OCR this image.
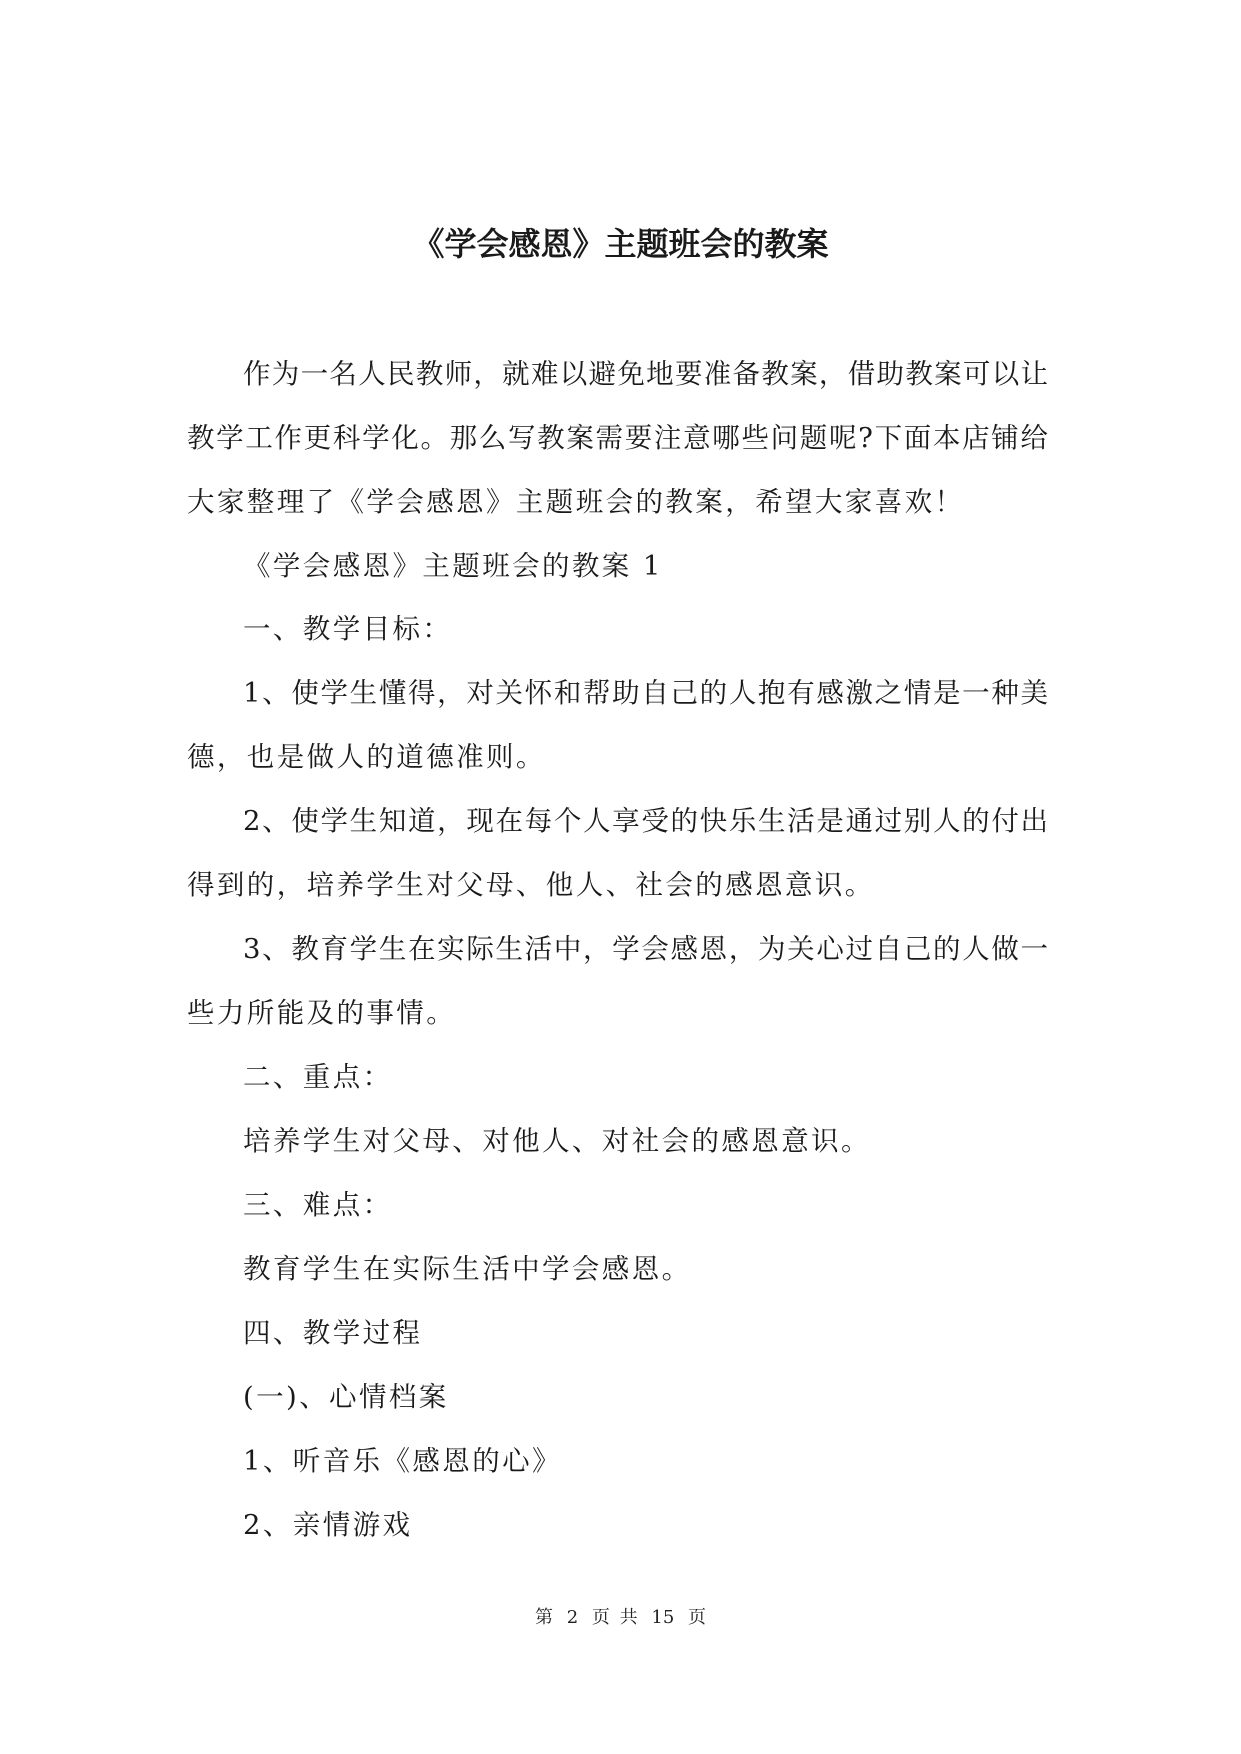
《学会感恩》主题班会的教案

作为一名人民教师，就难以避免地要准备教案，借助教案可以让

教学工作更科学化。那么写教案需要注意哪些问题呢?下面本店铺给

大家整理了《学会感恩》主题班会的教案，希望大家喜欢！

《学会感恩》主题班会的教案 1

一、教学目标：

1、使学生懂得，对关怀和帮助自己的人抱有感激之情是一种美

德，也是做人的道德准则。

2、使学生知道，现在每个人享受的快乐生活是通过别人的付出

得到的，培养学生对父母、他人、社会的感恩意识。

3、教育学生在实际生活中，学会感恩，为关心过自己的人做一

些力所能及的事情。

二、重点：

培养学生对父母、对他人、对社会的感恩意识。

三、难点：

教育学生在实际生活中学会感恩。

四、教学过程

(一)、心情档案

1、听音乐《感恩的心》

2、亲情游戏

第 2 页 共 15 页
